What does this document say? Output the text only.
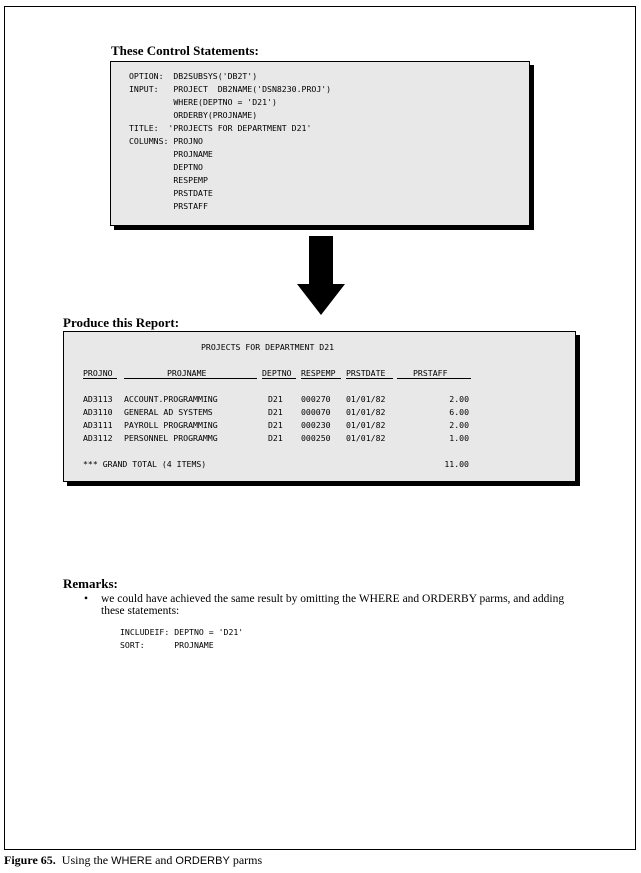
These Control Statements:
OPTION:  DB2SUBSYS('DB2T')
INPUT:   PROJECT  DB2NAME('DSN8230.PROJ')
WHERE(DEPTNO = 'D21')
ORDERBY(PROJNAME)
TITLE:  'PROJECTS FOR DEPARTMENT D21'
COLUMNS: PROJNO
PROJNAME
DEPTNO
RESPEMP
PRSTDATE
PRSTAFF
Produce this Report:
PROJECTS FOR DEPARTMENT D21
PROJNO	PROJNAME	DEPTNO RESPEMP PRSTDATE	PRSTAFF
AD3113 ACCOUNT.PROGRAMMING	D21 000270 01/01/82	2.00
AD3110 GENERAL AD SYSTEMS	D21 000070 01/01/82	6.00
AD3111 PAYROLL PROGRAMMING	D21 000230 01/01/82	2.00
AD3112 PERSONNEL PROGRAMMG	D21 000250 01/01/82	1.00
*** GRAND TOTAL (4 ITEMS)	11.00
Remarks:
• we could have achieved the same result by omitting the WHERE and ORDERBY parms, and adding
these statements:
INCLUDEIF: DEPTNO = 'D21'
SORT:      PROJNAME
Figure 65. Using the WHERE and ORDERBY parms
